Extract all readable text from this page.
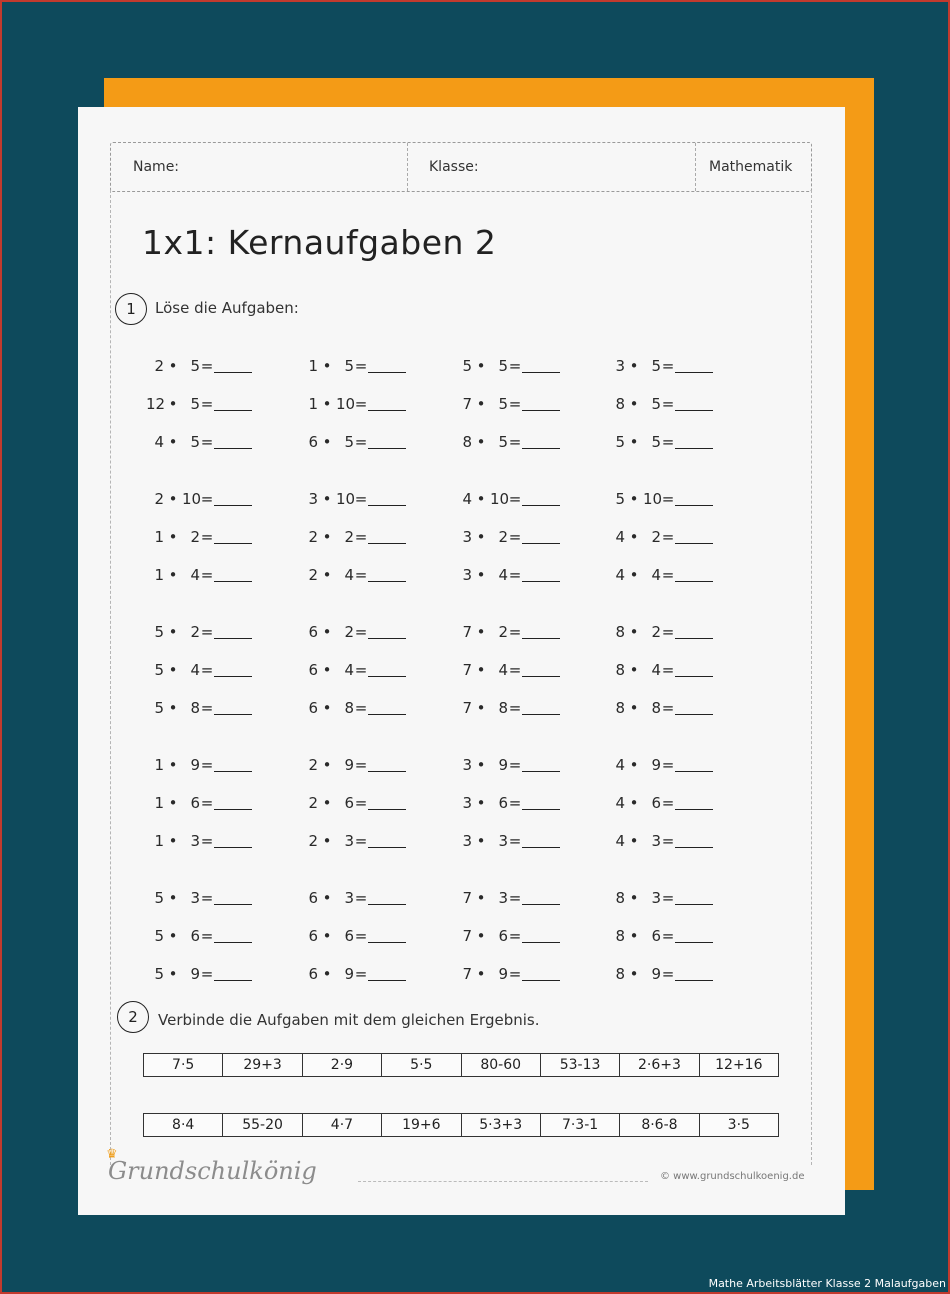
Name:	Klasse:	Mathematik
1x1: Kernaufgaben 2
1	Löse die Aufgaben:
2 • 5=	1 • 5=	5 • 5=	3 • 5=
12 • 5=	1 • 10=	7 • 5=	8 • 5=
4 • 5=	6 • 5=	8 • 5=	5 • 5=
2 • 10=	3 • 10=	4 • 10=	5 • 10=
1 • 2=	2 • 2=	3 • 2=	4 • 2=
1 • 4=	2 • 4=	3 • 4=	4 • 4=
5 • 2=	6 • 2=	7 • 2=	8 • 2=
5 • 4=	6 • 4=	7 • 4=	8 • 4=
5 • 8=	6 • 8=	7 • 8=	8 • 8=
1 • 9=	2 • 9=	3 • 9=	4 • 9=
1 • 6=	2 • 6=	3 • 6=	4 • 6=
1 • 3=	2 • 3=	3 • 3=	4 • 3=
5 • 3=	6 • 3=	7 • 3=	8 • 3=
5 • 6=	6 • 6=	7 • 6=	8 • 6=
5 • 9=	6 • 9=	7 • 9=	8 • 9=
2	Verbinde die Aufgaben mit dem gleichen Ergebnis.
7·5	29+3	2·9	5·5	80-60	53-13	2·6+3	12+16
8·4	55-20	4·7	19+6	5·3+3	7·3-1	8·6-8	3·5
♛
Grundschulkönig	© www.grundschulkoenig.de
Mathe Arbeitsblätter Klasse 2 Malaufgaben
